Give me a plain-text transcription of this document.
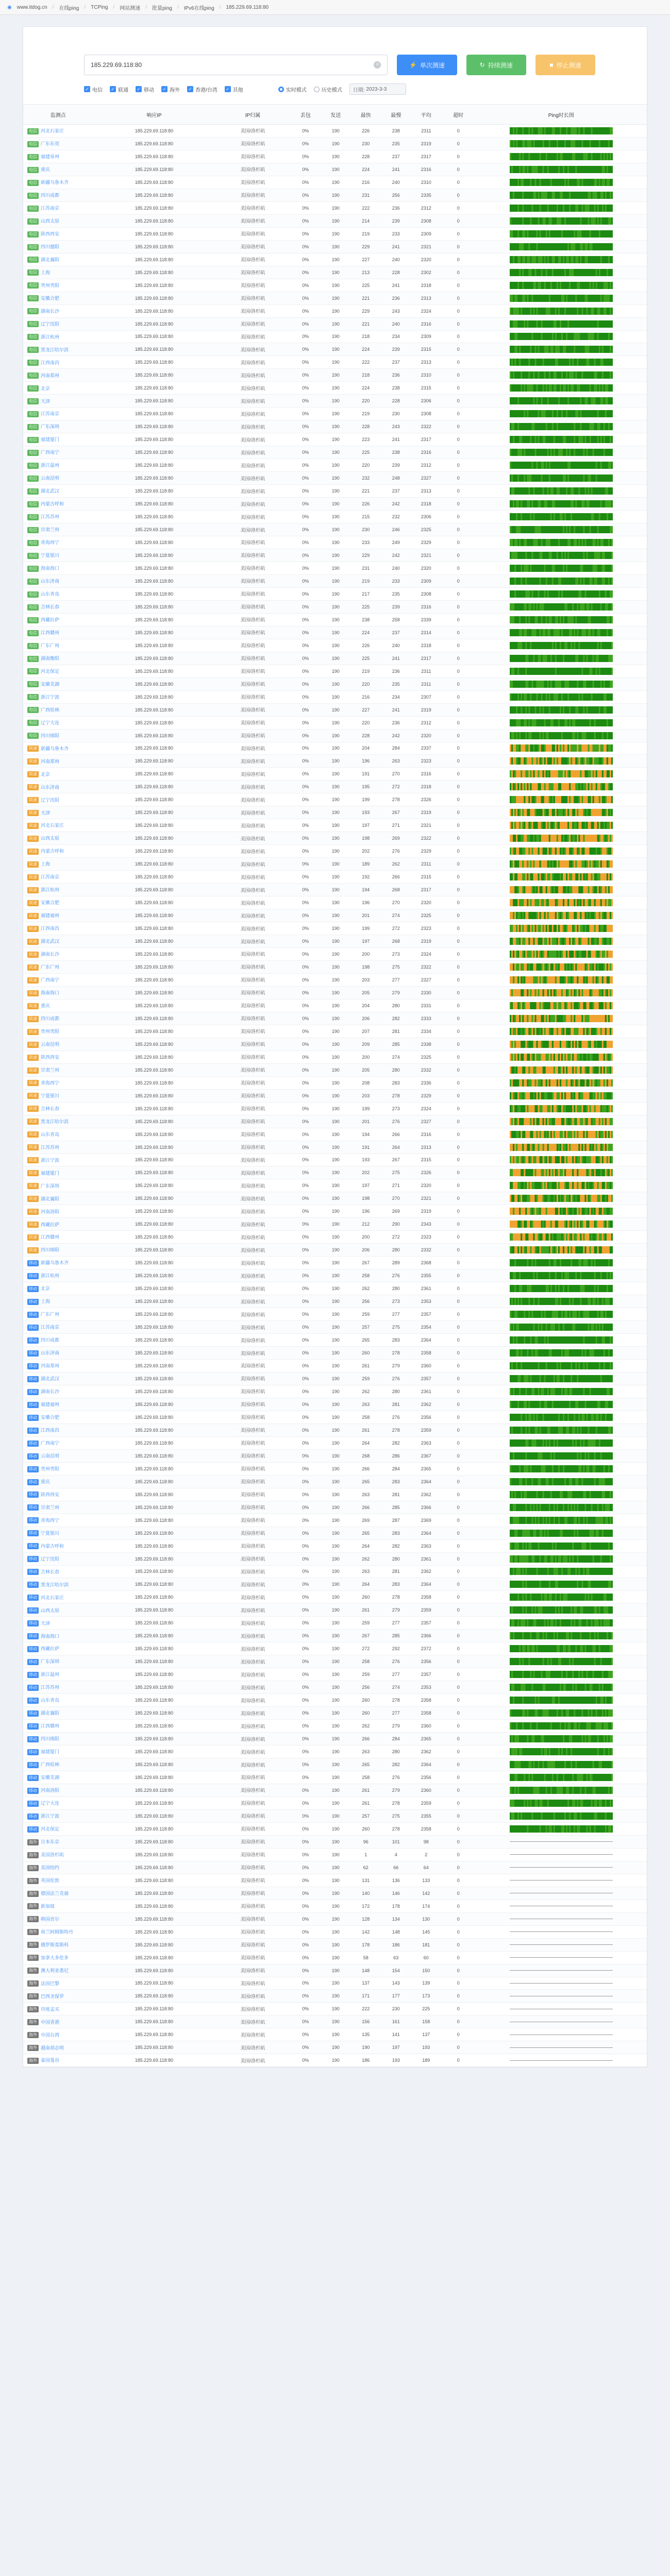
◉ www.itdog.cn / 在线ping / TCPing / 网站测速 / 批量ping / IPv6在线ping / 185.229.69.118:80
185.229.69.118:80
×	⚡ 单次测速	↻ 持续测速	■ 停止测速
✓ 电信 ✓ 联通 ✓ 移动 ✓ 海外 ✓ 香港/台湾 ✓ 其他	实时模式	历史模式 日期:
2023-3-3
监测点	响应IP	IP归属	丢包	发送	最快	最慢	平均	超时	Ping时长图
电信 河北石家庄	185.229.69.118:80	美国/洛杉矶	0%	190	226	238	2311	0	

电信 广东东莞	185.229.69.118:80	美国/洛杉矶	0%	190	230	235	2319	0	

电信 福建泉州	185.229.69.118:80	美国/洛杉矶	0%	190	228	237	2317	0	

电信 重庆	185.229.69.118:80	美国/洛杉矶	0%	190	224	241	2316	0	

电信 新疆乌鲁木齐	185.229.69.118:80	美国/洛杉矶	0%	190	216	240	2310	0	

电信 四川成都	185.229.69.118:80	美国/洛杉矶	0%	190	231	256	2335	0	

电信 江苏南京	185.229.69.118:80	美国/洛杉矶	0%	190	222	236	2312	0	

电信 山西太原	185.229.69.118:80	美国/洛杉矶	0%	190	214	239	2308	0	

电信 陕西西安	185.229.69.118:80	美国/洛杉矶	0%	190	219	233	2309	0	

电信 四川德阳	185.229.69.118:80	美国/洛杉矶	0%	190	229	241	2321	0	

电信 湖北襄阳	185.229.69.118:80	美国/洛杉矶	0%	190	227	240	2320	0	

电信 上海	185.229.69.118:80	美国/洛杉矶	0%	190	213	228	2302	0	

电信 贵州贵阳	185.229.69.118:80	美国/洛杉矶	0%	190	225	241	2318	0	

电信 安徽合肥	185.229.69.118:80	美国/洛杉矶	0%	190	221	236	2313	0	

电信 湖南长沙	185.229.69.118:80	美国/洛杉矶	0%	190	229	243	2324	0	

电信 辽宁沈阳	185.229.69.118:80	美国/洛杉矶	0%	190	221	240	2316	0	

电信 浙江杭州	185.229.69.118:80	美国/洛杉矶	0%	190	218	234	2309	0	

电信 黑龙江哈尔滨	185.229.69.118:80	美国/洛杉矶	0%	190	224	239	2315	0	

电信 江西南昌	185.229.69.118:80	美国/洛杉矶	0%	190	222	237	2313	0	

电信 河南郑州	185.229.69.118:80	美国/洛杉矶	0%	190	218	236	2310	0	

电信 北京	185.229.69.118:80	美国/洛杉矶	0%	190	224	238	2315	0	

电信 天津	185.229.69.118:80	美国/洛杉矶	0%	190	220	228	2306	0	

电信 江苏南京	185.229.69.118:80	美国/洛杉矶	0%	190	219	230	2308	0	

电信 广东深圳	185.229.69.118:80	美国/洛杉矶	0%	190	228	243	2322	0	

电信 福建厦门	185.229.69.118:80	美国/洛杉矶	0%	190	223	241	2317	0	

电信 广西南宁	185.229.69.118:80	美国/洛杉矶	0%	190	225	238	2316	0	

电信 浙江温州	185.229.69.118:80	美国/洛杉矶	0%	190	220	239	2312	0	

电信 云南昆明	185.229.69.118:80	美国/洛杉矶	0%	190	232	248	2327	0	

电信 湖北武汉	185.229.69.118:80	美国/洛杉矶	0%	190	221	237	2313	0	

电信 内蒙古呼和	185.229.69.118:80	美国/洛杉矶	0%	190	226	242	2318	0	

电信 江苏苏州	185.229.69.118:80	美国/洛杉矶	0%	190	215	232	2306	0	

电信 甘肃兰州	185.229.69.118:80	美国/洛杉矶	0%	190	230	246	2325	0	

电信 青海西宁	185.229.69.118:80	美国/洛杉矶	0%	190	233	249	2329	0	

电信 宁夏银川	185.229.69.118:80	美国/洛杉矶	0%	190	229	242	2321	0	

电信 海南海口	185.229.69.118:80	美国/洛杉矶	0%	190	231	240	2320	0	

电信 山东济南	185.229.69.118:80	美国/洛杉矶	0%	190	219	233	2309	0	

电信 山东青岛	185.229.69.118:80	美国/洛杉矶	0%	190	217	235	2308	0	

电信 吉林长春	185.229.69.118:80	美国/洛杉矶	0%	190	225	239	2316	0	

电信 西藏拉萨	185.229.69.118:80	美国/洛杉矶	0%	190	238	258	2339	0	

电信 江西赣州	185.229.69.118:80	美国/洛杉矶	0%	190	224	237	2314	0	

电信 广东广州	185.229.69.118:80	美国/洛杉矶	0%	190	226	240	2318	0	

电信 湖南衡阳	185.229.69.118:80	美国/洛杉矶	0%	190	225	241	2317	0	

电信 河北保定	185.229.69.118:80	美国/洛杉矶	0%	190	219	236	2311	0	

电信 安徽芜湖	185.229.69.118:80	美国/洛杉矶	0%	190	220	235	2311	0	

电信 浙江宁波	185.229.69.118:80	美国/洛杉矶	0%	190	216	234	2307	0	

电信 广西桂林	185.229.69.118:80	美国/洛杉矶	0%	190	227	241	2319	0	

电信 辽宁大连	185.229.69.118:80	美国/洛杉矶	0%	190	220	236	2312	0	

电信 四川绵阳	185.229.69.118:80	美国/洛杉矶	0%	190	228	242	2320	0	

联通 新疆乌鲁木齐	185.229.69.118:80	美国/洛杉矶	0%	190	204	284	2337	0	

联通 河南郑州	185.229.69.118:80	美国/洛杉矶	0%	190	196	263	2323	0	

联通 北京	185.229.69.118:80	美国/洛杉矶	0%	190	191	270	2316	0	

联通 山东济南	185.229.69.118:80	美国/洛杉矶	0%	190	195	272	2318	0	

联通 辽宁沈阳	185.229.69.118:80	美国/洛杉矶	0%	190	199	278	2326	0	

联通 天津	185.229.69.118:80	美国/洛杉矶	0%	190	193	267	2319	0	

联通 河北石家庄	185.229.69.118:80	美国/洛杉矶	0%	190	197	271	2321	0	

联通 山西太原	185.229.69.118:80	美国/洛杉矶	0%	190	198	269	2322	0	

联通 内蒙古呼和	185.229.69.118:80	美国/洛杉矶	0%	190	202	276	2329	0	

联通 上海	185.229.69.118:80	美国/洛杉矶	0%	190	189	262	2311	0	

联通 江苏南京	185.229.69.118:80	美国/洛杉矶	0%	190	192	266	2315	0	

联通 浙江杭州	185.229.69.118:80	美国/洛杉矶	0%	190	194	268	2317	0	

联通 安徽合肥	185.229.69.118:80	美国/洛杉矶	0%	190	196	270	2320	0	

联通 福建福州	185.229.69.118:80	美国/洛杉矶	0%	190	201	274	2325	0	

联通 江西南昌	185.229.69.118:80	美国/洛杉矶	0%	190	199	272	2323	0	

联通 湖北武汉	185.229.69.118:80	美国/洛杉矶	0%	190	197	268	2319	0	

联通 湖南长沙	185.229.69.118:80	美国/洛杉矶	0%	190	200	273	2324	0	

联通 广东广州	185.229.69.118:80	美国/洛杉矶	0%	190	198	275	2322	0	

联通 广西南宁	185.229.69.118:80	美国/洛杉矶	0%	190	203	277	2327	0	

联通 海南海口	185.229.69.118:80	美国/洛杉矶	0%	190	205	279	2330	0	

联通 重庆	185.229.69.118:80	美国/洛杉矶	0%	190	204	280	2331	0	

联通 四川成都	185.229.69.118:80	美国/洛杉矶	0%	190	206	282	2333	0	

联通 贵州贵阳	185.229.69.118:80	美国/洛杉矶	0%	190	207	281	2334	0	

联通 云南昆明	185.229.69.118:80	美国/洛杉矶	0%	190	209	285	2338	0	

联通 陕西西安	185.229.69.118:80	美国/洛杉矶	0%	190	200	274	2325	0	

联通 甘肃兰州	185.229.69.118:80	美国/洛杉矶	0%	190	205	280	2332	0	

联通 青海西宁	185.229.69.118:80	美国/洛杉矶	0%	190	208	283	2336	0	

联通 宁夏银川	185.229.69.118:80	美国/洛杉矶	0%	190	203	278	2329	0	

联通 吉林长春	185.229.69.118:80	美国/洛杉矶	0%	190	199	273	2324	0	

联通 黑龙江哈尔滨	185.229.69.118:80	美国/洛杉矶	0%	190	201	276	2327	0	

联通 山东青岛	185.229.69.118:80	美国/洛杉矶	0%	190	194	266	2316	0	

联通 江苏苏州	185.229.69.118:80	美国/洛杉矶	0%	190	191	264	2313	0	

联通 浙江宁波	185.229.69.118:80	美国/洛杉矶	0%	190	193	267	2315	0	

联通 福建厦门	185.229.69.118:80	美国/洛杉矶	0%	190	202	275	2326	0	

联通 广东深圳	185.229.69.118:80	美国/洛杉矶	0%	190	197	271	2320	0	

联通 湖北襄阳	185.229.69.118:80	美国/洛杉矶	0%	190	198	270	2321	0	

联通 河南洛阳	185.229.69.118:80	美国/洛杉矶	0%	190	196	269	2319	0	

联通 西藏拉萨	185.229.69.118:80	美国/洛杉矶	0%	190	212	290	2343	0	

联通 江西赣州	185.229.69.118:80	美国/洛杉矶	0%	190	200	272	2323	0	

联通 四川绵阳	185.229.69.118:80	美国/洛杉矶	0%	190	206	280	2332	0	

移动 新疆乌鲁木齐	185.229.69.118:80	美国/洛杉矶	0%	190	267	289	2368	0	

移动 浙江杭州	185.229.69.118:80	美国/洛杉矶	0%	190	258	276	2355	0	

移动 北京	185.229.69.118:80	美国/洛杉矶	0%	190	262	280	2361	0	

移动 上海	185.229.69.118:80	美国/洛杉矶	0%	190	256	273	2353	0	

移动 广东广州	185.229.69.118:80	美国/洛杉矶	0%	190	259	277	2357	0	

移动 江苏南京	185.229.69.118:80	美国/洛杉矶	0%	190	257	275	2354	0	

移动 四川成都	185.229.69.118:80	美国/洛杉矶	0%	190	265	283	2364	0	

移动 山东济南	185.229.69.118:80	美国/洛杉矶	0%	190	260	278	2358	0	

移动 河南郑州	185.229.69.118:80	美国/洛杉矶	0%	190	261	279	2360	0	

移动 湖北武汉	185.229.69.118:80	美国/洛杉矶	0%	190	259	276	2357	0	

移动 湖南长沙	185.229.69.118:80	美国/洛杉矶	0%	190	262	280	2361	0	

移动 福建福州	185.229.69.118:80	美国/洛杉矶	0%	190	263	281	2362	0	

移动 安徽合肥	185.229.69.118:80	美国/洛杉矶	0%	190	258	276	2356	0	

移动 江西南昌	185.229.69.118:80	美国/洛杉矶	0%	190	261	278	2359	0	

移动 广西南宁	185.229.69.118:80	美国/洛杉矶	0%	190	264	282	2363	0	

移动 云南昆明	185.229.69.118:80	美国/洛杉矶	0%	190	268	286	2367	0	

移动 贵州贵阳	185.229.69.118:80	美国/洛杉矶	0%	190	266	284	2365	0	

移动 重庆	185.229.69.118:80	美国/洛杉矶	0%	190	265	283	2364	0	

移动 陕西西安	185.229.69.118:80	美国/洛杉矶	0%	190	263	281	2362	0	

移动 甘肃兰州	185.229.69.118:80	美国/洛杉矶	0%	190	266	285	2366	0	

移动 青海西宁	185.229.69.118:80	美国/洛杉矶	0%	190	269	287	2369	0	

移动 宁夏银川	185.229.69.118:80	美国/洛杉矶	0%	190	265	283	2364	0	

移动 内蒙古呼和	185.229.69.118:80	美国/洛杉矶	0%	190	264	282	2363	0	

移动 辽宁沈阳	185.229.69.118:80	美国/洛杉矶	0%	190	262	280	2361	0	

移动 吉林长春	185.229.69.118:80	美国/洛杉矶	0%	190	263	281	2362	0	

移动 黑龙江哈尔滨	185.229.69.118:80	美国/洛杉矶	0%	190	264	283	2364	0	

移动 河北石家庄	185.229.69.118:80	美国/洛杉矶	0%	190	260	278	2358	0	

移动 山西太原	185.229.69.118:80	美国/洛杉矶	0%	190	261	279	2359	0	

移动 天津	185.229.69.118:80	美国/洛杉矶	0%	190	259	277	2357	0	

移动 海南海口	185.229.69.118:80	美国/洛杉矶	0%	190	267	285	2366	0	

移动 西藏拉萨	185.229.69.118:80	美国/洛杉矶	0%	190	272	292	2372	0	

移动 广东深圳	185.229.69.118:80	美国/洛杉矶	0%	190	258	276	2356	0	

移动 浙江温州	185.229.69.118:80	美国/洛杉矶	0%	190	259	277	2357	0	

移动 江苏苏州	185.229.69.118:80	美国/洛杉矶	0%	190	256	274	2353	0	

移动 山东青岛	185.229.69.118:80	美国/洛杉矶	0%	190	260	278	2358	0	

移动 湖北襄阳	185.229.69.118:80	美国/洛杉矶	0%	190	260	277	2358	0	

移动 江西赣州	185.229.69.118:80	美国/洛杉矶	0%	190	262	279	2360	0	

移动 四川绵阳	185.229.69.118:80	美国/洛杉矶	0%	190	266	284	2365	0	

移动 福建厦门	185.229.69.118:80	美国/洛杉矶	0%	190	263	280	2362	0	

移动 广西桂林	185.229.69.118:80	美国/洛杉矶	0%	190	265	282	2364	0	

移动 安徽芜湖	185.229.69.118:80	美国/洛杉矶	0%	190	258	276	2356	0	

移动 河南洛阳	185.229.69.118:80	美国/洛杉矶	0%	190	261	279	2360	0	

移动 辽宁大连	185.229.69.118:80	美国/洛杉矶	0%	190	261	278	2359	0	

移动 浙江宁波	185.229.69.118:80	美国/洛杉矶	0%	190	257	275	2355	0	

移动 河北保定	185.229.69.118:80	美国/洛杉矶	0%	190	260	278	2358	0	

海外 日本东京	185.229.69.118:80	美国/洛杉矶	0%	190	96	101	98	0	

海外 美国洛杉矶	185.229.69.118:80	美国/洛杉矶	0%	190	1	4	2	0	

海外 美国纽约	185.229.69.118:80	美国/洛杉矶	0%	190	62	66	64	0	

海外 英国伦敦	185.229.69.118:80	美国/洛杉矶	0%	190	131	136	133	0	

海外 德国法兰克福	185.229.69.118:80	美国/洛杉矶	0%	190	140	146	142	0	

海外 新加坡	185.229.69.118:80	美国/洛杉矶	0%	190	172	178	174	0	

海外 韩国首尔	185.229.69.118:80	美国/洛杉矶	0%	190	128	134	130	0	

海外 荷兰阿姆斯特丹	185.229.69.118:80	美国/洛杉矶	0%	190	142	148	145	0	

海外 俄罗斯莫斯科	185.229.69.118:80	美国/洛杉矶	0%	190	178	186	181	0	

海外 加拿大多伦多	185.229.69.118:80	美国/洛杉矶	0%	190	58	63	60	0	

海外 澳大利亚悉尼	185.229.69.118:80	美国/洛杉矶	0%	190	148	154	150	0	

海外 法国巴黎	185.229.69.118:80	美国/洛杉矶	0%	190	137	143	139	0	

海外 巴西圣保罗	185.229.69.118:80	美国/洛杉矶	0%	190	171	177	173	0	

海外 印度孟买	185.229.69.118:80	美国/洛杉矶	0%	190	222	230	225	0	

海外 中国香港	185.229.69.118:80	美国/洛杉矶	0%	190	156	161	158	0	

海外 中国台湾	185.229.69.118:80	美国/洛杉矶	0%	190	135	141	137	0	

海外 越南胡志明	185.229.69.118:80	美国/洛杉矶	0%	190	190	197	193	0	

海外 泰国曼谷	185.229.69.118:80	美国/洛杉矶	0%	190	186	193	189	0	
